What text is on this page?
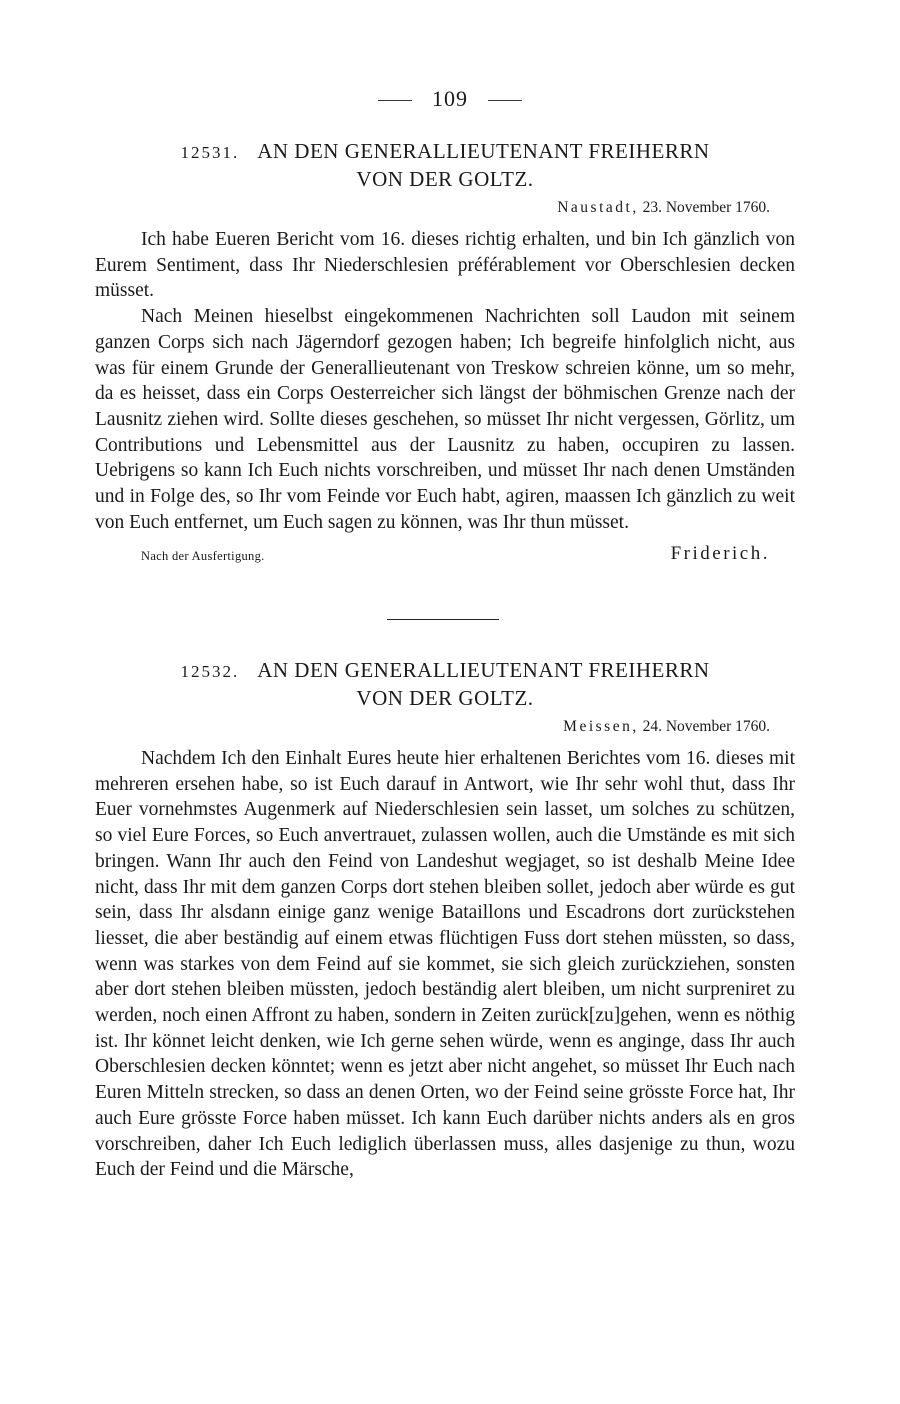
109
12531. AN DEN GENERALLIEUTENANT FREIHERRN
VON DER GOLTZ.
Naustadt, 23. November 1760.

Ich habe Eueren Bericht vom 16. dieses richtig erhalten, und bin Ich gänzlich von Eurem Sentiment, dass Ihr Niederschlesien préférablement vor Oberschlesien decken müsset.

Nach Meinen hieselbst eingekommenen Nachrichten soll Laudon mit seinem ganzen Corps sich nach Jägerndorf gezogen haben; Ich begreife hinfolglich nicht, aus was für einem Grunde der Generallieutenant von Treskow schreien könne, um so mehr, da es heisset, dass ein Corps Oesterreicher sich längst der böhmischen Grenze nach der Lausnitz ziehen wird. Sollte dieses geschehen, so müsset Ihr nicht vergessen, Görlitz, um Contributions und Lebensmittel aus der Lausnitz zu haben, occupiren zu lassen. Uebrigens so kann Ich Euch nichts vorschreiben, und müsset Ihr nach denen Umständen und in Folge des, so Ihr vom Feinde vor Euch habt, agiren, maassen Ich gänzlich zu weit von Euch entfernet, um Euch sagen zu können, was Ihr thun müsset.

Nach der Ausfertigung.	Friderich.
12532. AN DEN GENERALLIEUTENANT FREIHERRN
VON DER GOLTZ.
Meissen, 24. November 1760.

Nachdem Ich den Einhalt Eures heute hier erhaltenen Berichtes vom 16. dieses mit mehreren ersehen habe, so ist Euch darauf in Antwort, wie Ihr sehr wohl thut, dass Ihr Euer vornehmstes Augenmerk auf Niederschlesien sein lasset, um solches zu schützen, so viel Eure Forces, so Euch anvertrauet, zulassen wollen, auch die Umstände es mit sich bringen. Wann Ihr auch den Feind von Landeshut wegjaget, so ist deshalb Meine Idee nicht, dass Ihr mit dem ganzen Corps dort stehen bleiben sollet, jedoch aber würde es gut sein, dass Ihr alsdann einige ganz wenige Bataillons und Escadrons dort zurückstehen liesset, die aber beständig auf einem etwas flüchtigen Fuss dort stehen müssten, so dass, wenn was starkes von dem Feind auf sie kommet, sie sich gleich zurückziehen, sonsten aber dort stehen bleiben müssten, jedoch beständig alert bleiben, um nicht surpreniret zu werden, noch einen Affront zu haben, sondern in Zeiten zurück[zu]gehen, wenn es nöthig ist. Ihr könnet leicht denken, wie Ich gerne sehen würde, wenn es anginge, dass Ihr auch Oberschlesien decken könntet; wenn es jetzt aber nicht angehet, so müsset Ihr Euch nach Euren Mitteln strecken, so dass an denen Orten, wo der Feind seine grösste Force hat, Ihr auch Eure grösste Force haben müsset. Ich kann Euch darüber nichts anders als en gros vorschreiben, daher Ich Euch lediglich überlassen muss, alles dasjenige zu thun, wozu Euch der Feind und die Märsche,
